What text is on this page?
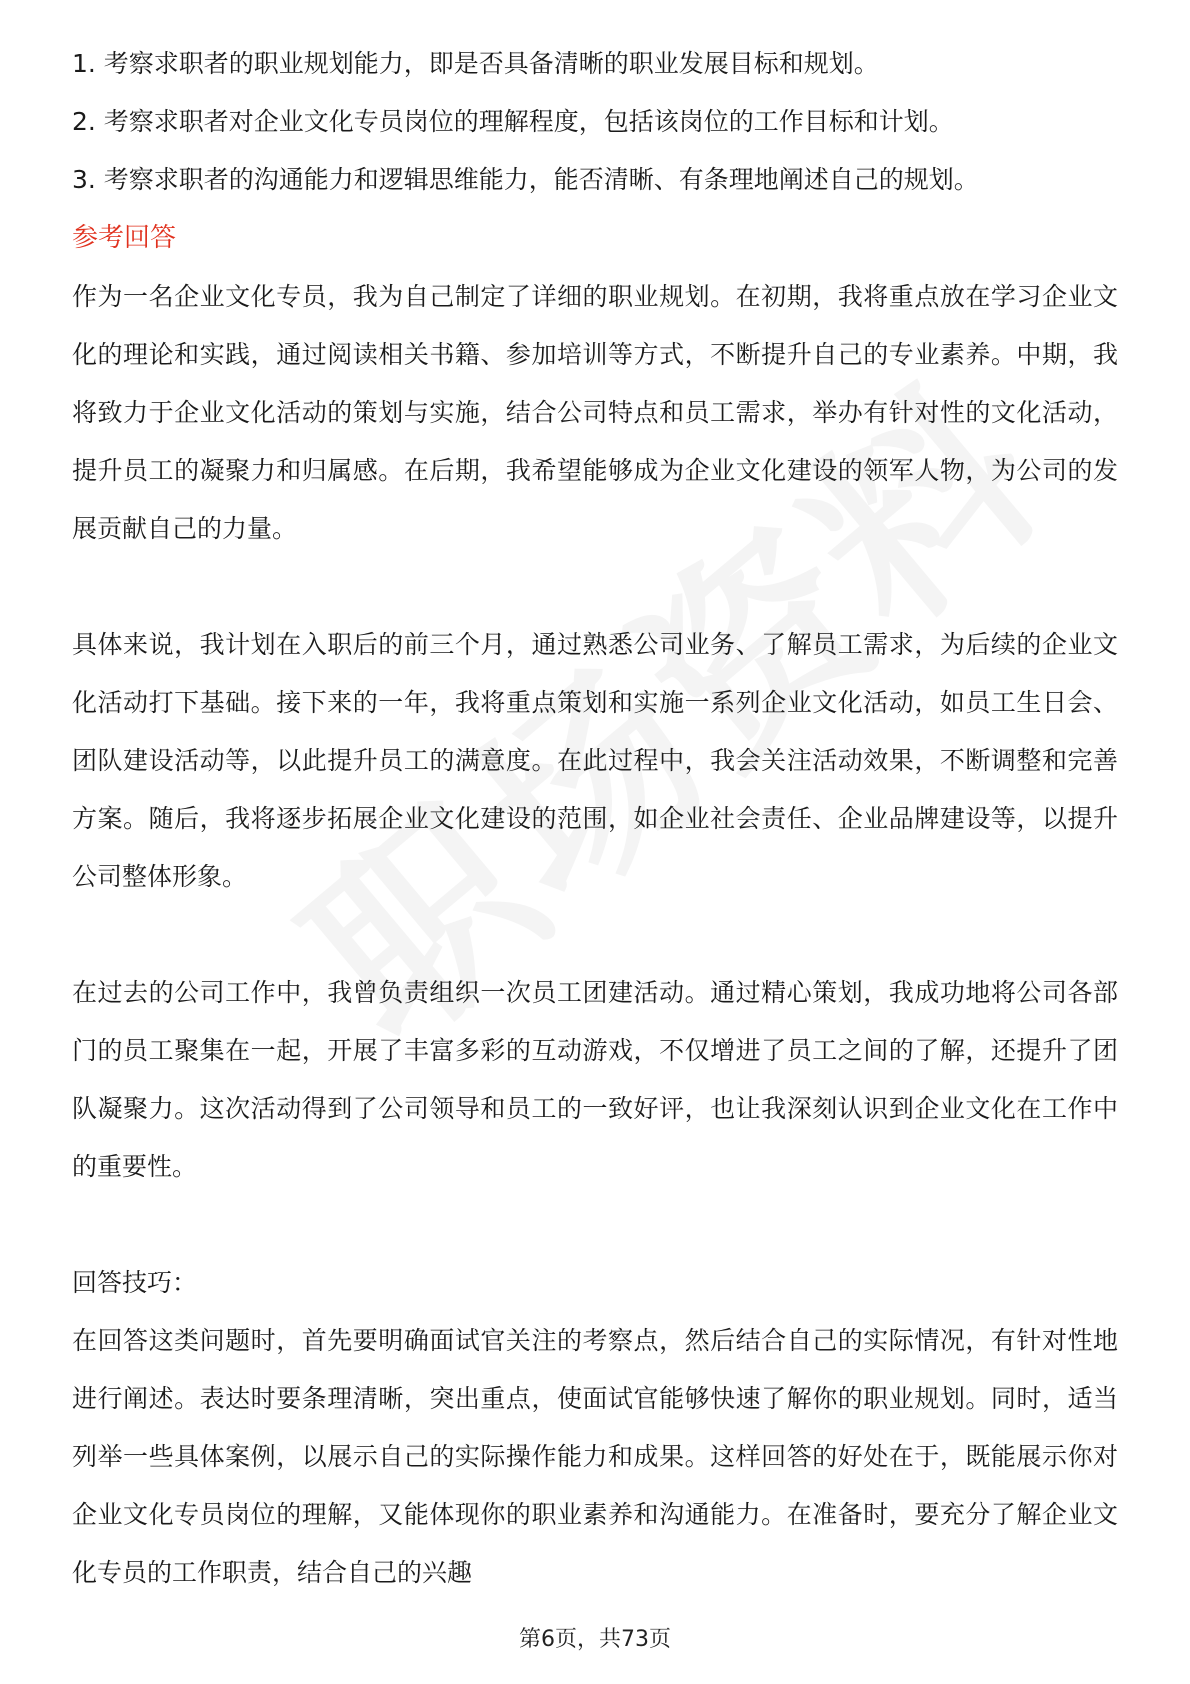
1. 考察求职者的职业规划能力，即是否具备清晰的职业发展目标和规划。

2. 考察求职者对企业文化专员岗位的理解程度，包括该岗位的工作目标和计划。

3. 考察求职者的沟通能力和逻辑思维能力，能否清晰、有条理地阐述自己的规划。

参考回答

作为一名企业文化专员，我为自己制定了详细的职业规划。在初期，我将重点放在学习企业文化的理论和实践，通过阅读相关书籍、参加培训等方式，不断提升自己的专业素养。中期，我将致力于企业文化活动的策划与实施，结合公司特点和员工需求，举办有针对性的文化活动，提升员工的凝聚力和归属感。在后期，我希望能够成为企业文化建设的领军人物，为公司的发展贡献自己的力量。

具体来说，我计划在入职后的前三个月，通过熟悉公司业务、了解员工需求，为后续的企业文化活动打下基础。接下来的一年，我将重点策划和实施一系列企业文化活动，如员工生日会、团队建设活动等，以此提升员工的满意度。在此过程中，我会关注活动效果，不断调整和完善方案。随后，我将逐步拓展企业文化建设的范围，如企业社会责任、企业品牌建设等，以提升公司整体形象。

在过去的公司工作中，我曾负责组织一次员工团建活动。通过精心策划，我成功地将公司各部门的员工聚集在一起，开展了丰富多彩的互动游戏，不仅增进了员工之间的了解，还提升了团队凝聚力。这次活动得到了公司领导和员工的一致好评，也让我深刻认识到企业文化在工作中的重要性。

回答技巧：

在回答这类问题时，首先要明确面试官关注的考察点，然后结合自己的实际情况，有针对性地进行阐述。表达时要条理清晰，突出重点，使面试官能够快速了解你的职业规划。同时，适当列举一些具体案例，以展示自己的实际操作能力和成果。这样回答的好处在于，既能展示你对企业文化专员岗位的理解，又能体现你的职业素养和沟通能力。在准备时，要充分了解企业文化专员的工作职责，结合自己的兴趣

第6页，共73页
